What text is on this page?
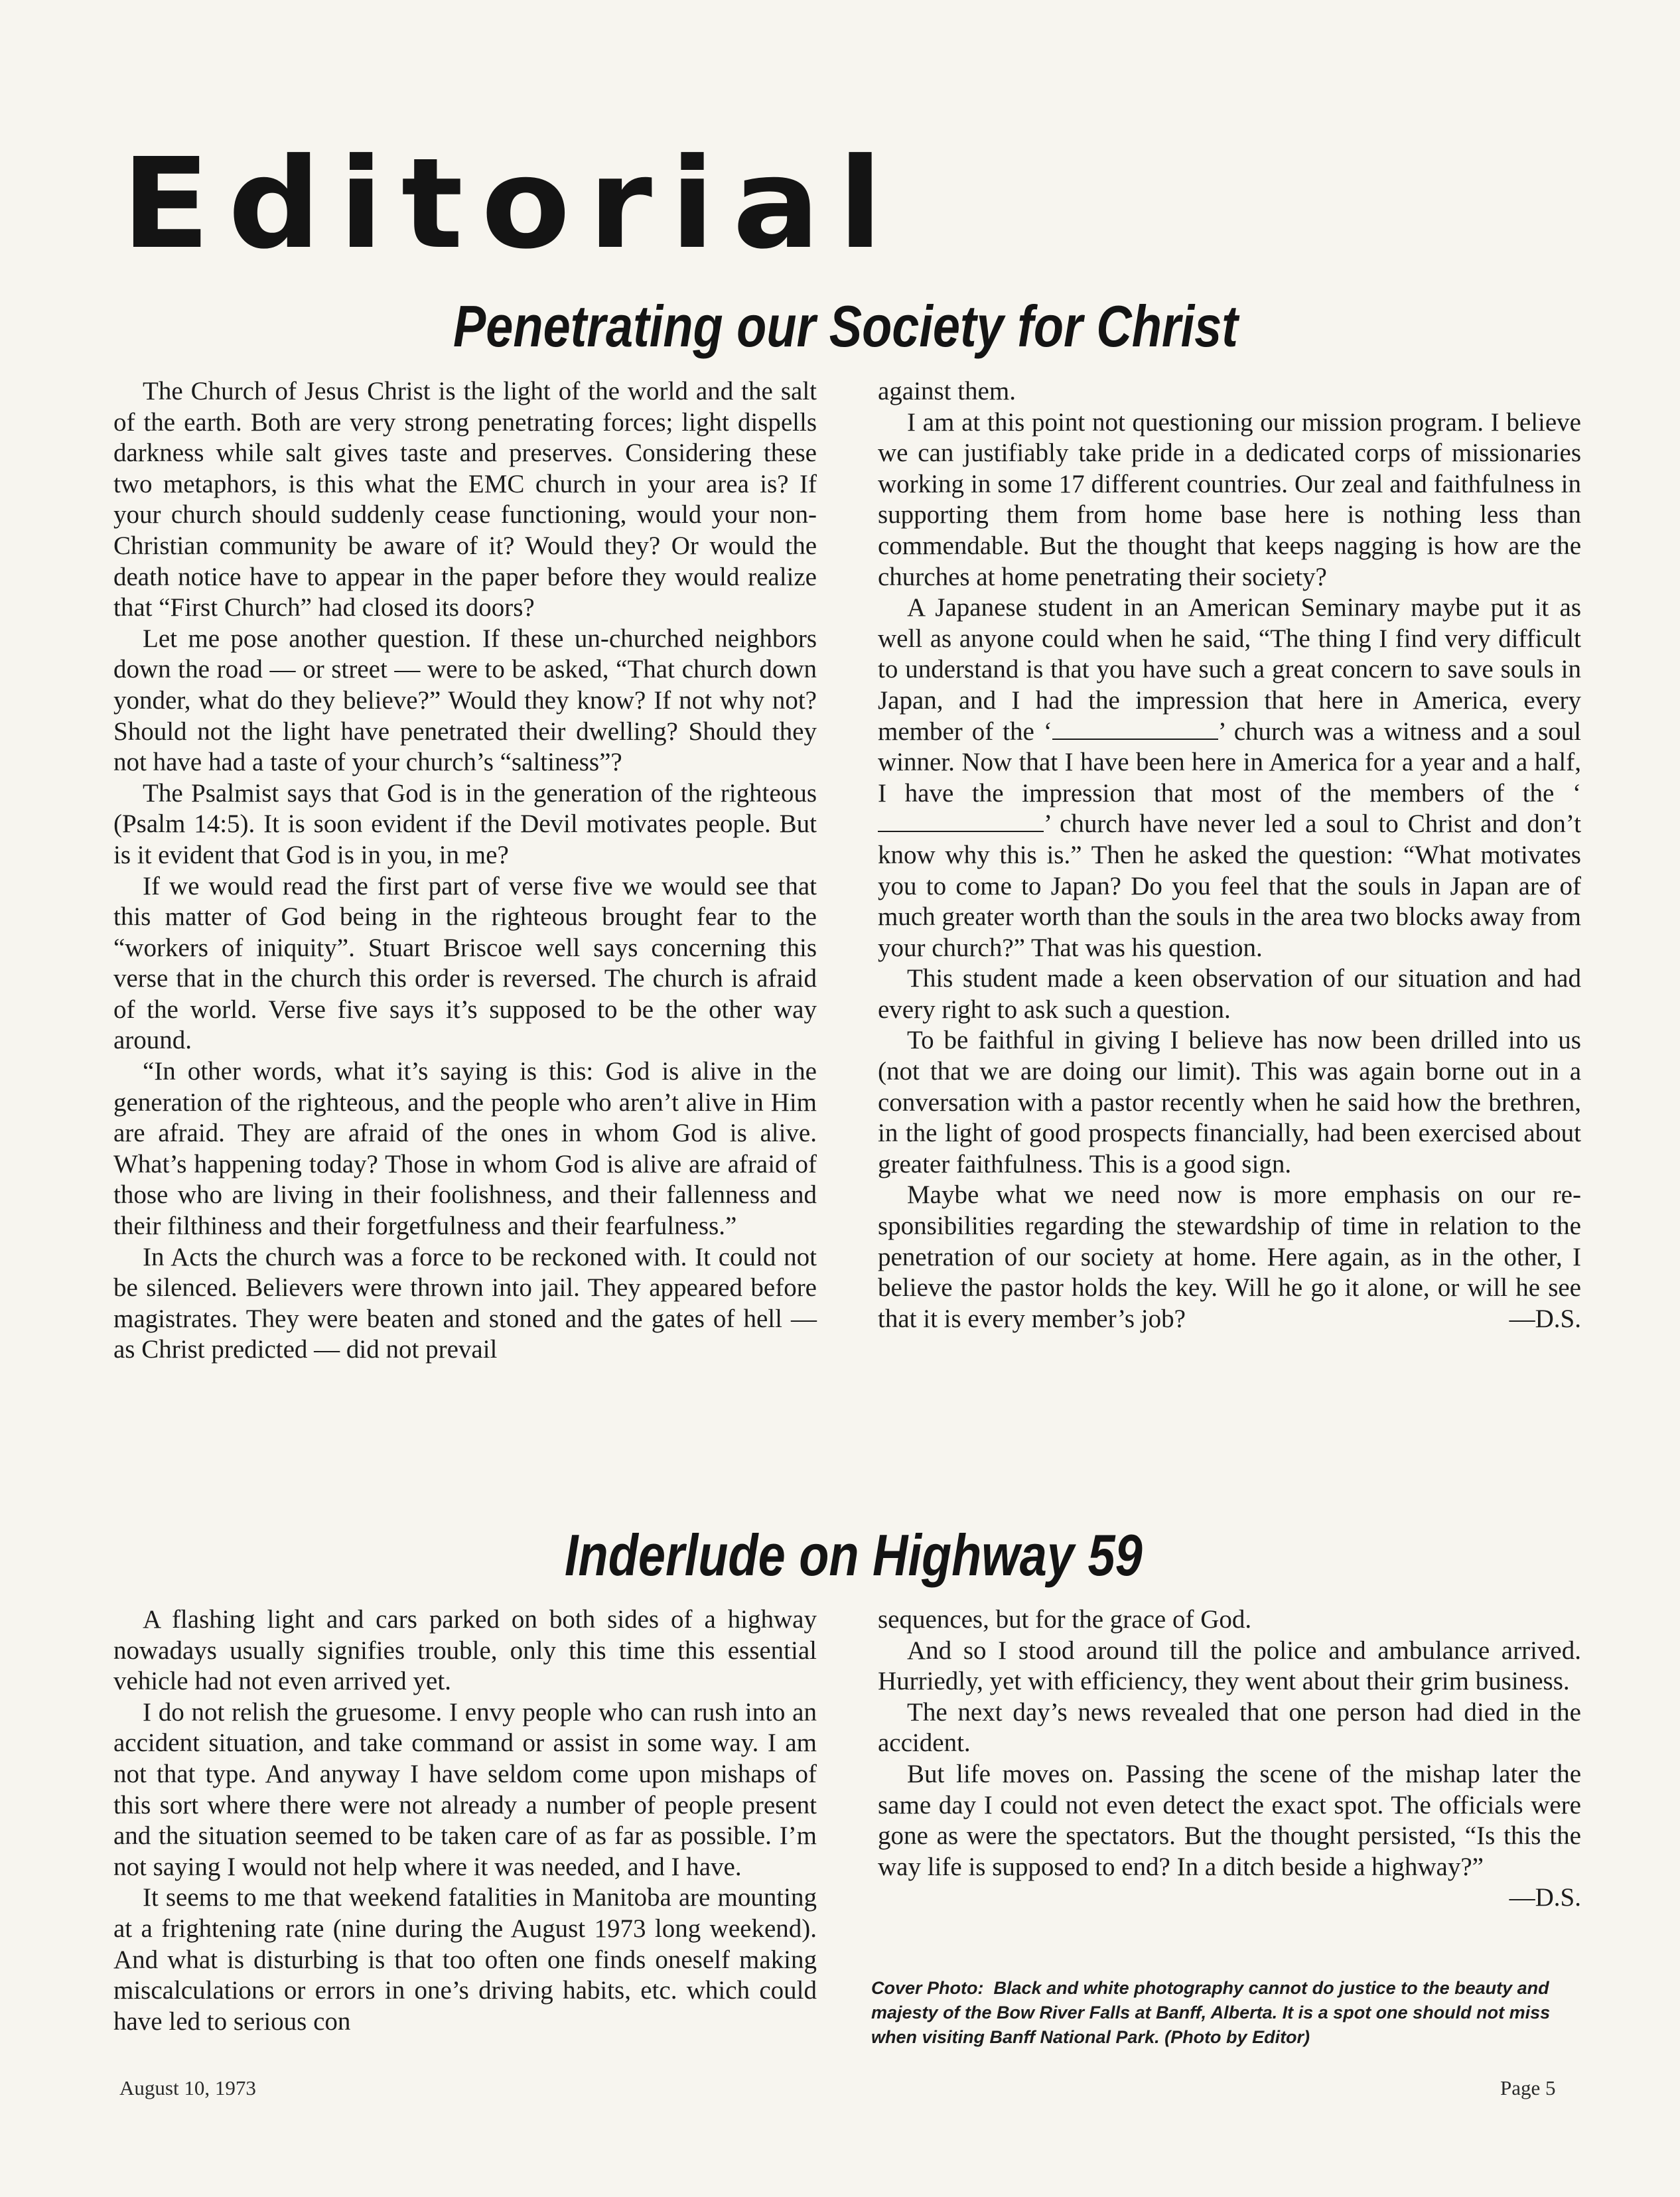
Editorial
Penetrating our Society for Christ

The Church of Jesus Christ is the light of the world and the salt of the earth. Both are very strong penetrating forces; light dispells darkness while salt gives taste and preserves. Considering these two metaphors, is this what the EMC church in your area is? If your church should suddenly cease functioning, would your non-Christian community be aware of it? Would they? Or would the death notice have to appear in the paper before they would realize that “First Church” had closed its doors?

Let me pose another question. If these un-churched neighbors down the road — or street — were to be asked, “That church down yonder, what do they believe?” Would they know? If not why not? Should not the light have penetrated their dwelling? Should they not have had a taste of your church’s “saltiness”?

The Psalmist says that God is in the generation of the righteous (Psalm 14:5). It is soon evident if the Devil motivates people. But is it evident that God is in you, in me?

If we would read the first part of verse five we would see that this matter of God being in the righteous brought fear to the “workers of iniquity”. Stuart Briscoe well says concerning this verse that in the church this order is reversed. The church is afraid of the world. Verse five says it’s supposed to be the other way around.

“In other words, what it’s saying is this: God is alive in the generation of the righteous, and the people who aren’t alive in Him are afraid. They are afraid of the ones in whom God is alive. What’s happening today? Those in whom God is alive are afraid of those who are living in their foolishness, and their fallenness and their filthiness and their forgetfulness and their fearfulness.”

In Acts the church was a force to be reckoned with. It could not be silenced. Believers were thrown into jail. They appeared before magistrates. They were beaten and stoned and the gates of hell — as Christ predicted — did not prevail

against them.

I am at this point not questioning our mission program. I believe we can justifiably take pride in a dedicated corps of missionaries working in some 17 different countries. Our zeal and faithfulness in supporting them from home base here is nothing less than commendable. But the thought that keeps nagging is how are the churches at home penetrating their society?

A Japanese student in an American Seminary maybe put it as well as anyone could when he said, “The thing I find very difficult to understand is that you have such a great concern to save souls in Japan, and I had the impression that here in America, every member of the ‘	’ church was a witness and a soul winner. Now that I have been here in America for a year and a half, I have the impression that most of the members of the ‘’ church have never led a soul to Christ and don’t know why this is.” Then he asked the question: “What motivates you to come to Japan? Do you feel that the souls in Japan are of much greater worth than the souls in the area two blocks away from your church?” That was his question.

This student made a keen observation of our situation and had every right to ask such a question.

To be faithful in giving I believe has now been drilled into us (not that we are doing our limit). This was again borne out in a conversation with a pastor recently when he said how the brethren, in the light of good prospects financially, had been exercised about greater faithfulness. This is a good sign.

Maybe what we need now is more emphasis on our responsibilities regarding the stewardship of time in relation to the penetration of our society at home. Here again, as in the other, I believe the pastor holds the key. Will he go it alone, or will he see that it is every member’s job?	—D.S.

Inderlude on Highway 59

A flashing light and cars parked on both sides of a highway nowadays usually signifies trouble, only this time this essential vehicle had not even arrived yet.

I do not relish the gruesome. I envy people who can rush into an accident situation, and take command or assist in some way. I am not that type. And anyway I have seldom come upon mishaps of this sort where there were not already a number of people present and the situation seemed to be taken care of as far as possible. I’m not saying I would not help where it was needed, and I have.

It seems to me that weekend fatalities in Manitoba are mounting at a frightening rate (nine during the August 1973 long weekend). And what is disturbing is that too often one finds oneself making miscalculations or errors in one’s driving habits, etc. which could have led to serious con

sequences, but for the grace of God.

And so I stood around till the police and ambulance arrived. Hurriedly, yet with efficiency, they went about their grim business.

The next day’s news revealed that one person had died in the accident.

But life moves on. Passing the scene of the mishap later the same day I could not even detect the exact spot. The officials were gone as were the spectators. But the thought persisted, “Is this the way life is supposed to end? In a ditch beside a highway?”
—D.S.

Cover Photo: Black and white photography cannot do justice to the beauty and majesty of the Bow River Falls at Banff, Alberta. It is a spot one should not miss when visiting Banff National Park. (Photo by Editor)

August 10, 1973	Page 5
